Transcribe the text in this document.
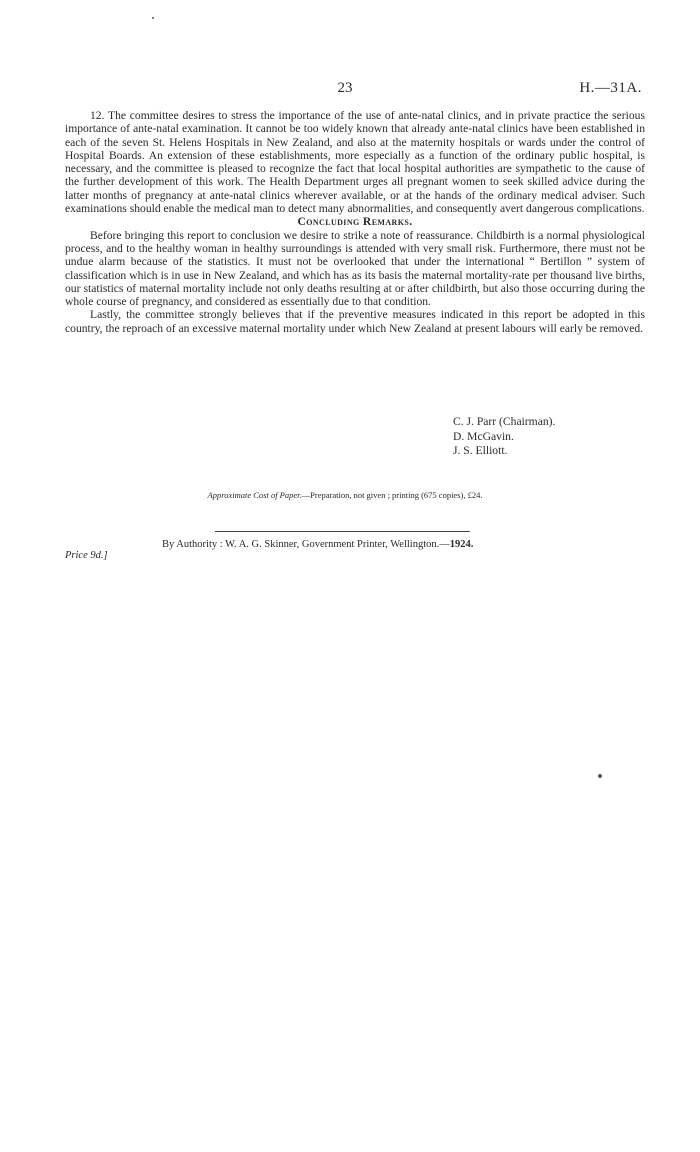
23	H.—31A.

12. The committee desires to stress the importance of the use of ante-natal clinics, and in private practice the serious importance of ante-natal examination. It cannot be too widely known that already ante-natal clinics have been established in each of the seven St. Helens Hospitals in New Zealand, and also at the maternity hospitals or wards under the control of Hospital Boards. An extension of these establishments, more especially as a function of the ordinary public hospital, is necessary, and the committee is pleased to recognize the fact that local hospital authorities are sympathetic to the cause of the further development of this work. The Health Department urges all pregnant women to seek skilled advice during the latter months of pregnancy at ante-natal clinics wherever available, or at the hands of the ordinary medical adviser. Such examinations should enable the medical man to detect many abnormalities, and consequently avert dangerous complications.

Concluding Remarks.

Before bringing this report to conclusion we desire to strike a note of reassurance. Childbirth is a normal physiological process, and to the healthy woman in healthy surroundings is attended with very small risk. Furthermore, there must not be undue alarm because of the statistics. It must not be overlooked that under the international “ Bertillon ” system of classification which is in use in New Zealand, and which has as its basis the maternal mortality-rate per thousand live births, our statistics of maternal mortality include not only deaths resulting at or after childbirth, but also those occurring during the whole course of pregnancy, and considered as essentially due to that condition.

Lastly, the committee strongly believes that if the preventive measures indicated in this report be adopted in this country, the reproach of an excessive maternal mortality under which New Zealand at present labours will early be removed.

C. J. Parr (Chairman).
D. McGavin.
J. S. Elliott.
Approximate Cost of Paper.—Preparation, not given ; printing (675 copies), £24.
By Authority : W. A. G. Skinner, Government Printer, Wellington.—1924.
Price 9d.]
